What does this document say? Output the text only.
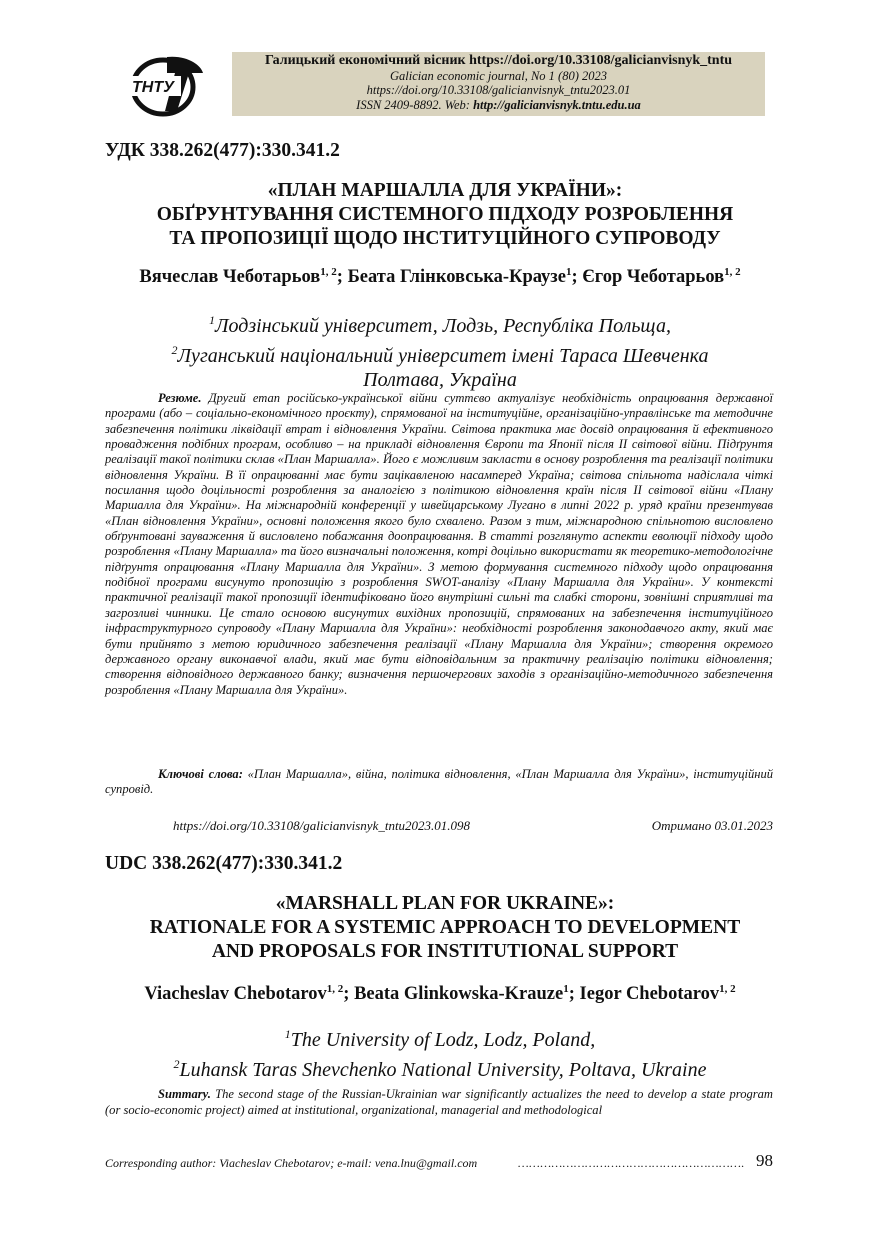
ТНТУ
Галицький економічний вісник https://doi.org/10.33108/galicianvisnyk_tntu
Galician economic journal, No 1 (80) 2023
https://doi.org/10.33108/galicianvisnyk_tntu2023.01
ISSN 2409-8892. Web: http://galicianvisnyk.tntu.edu.ua
УДК 338.262(477):330.341.2
«ПЛАН МАРШАЛЛА ДЛЯ УКРАЇНИ»:
ОБҐРУНТУВАННЯ СИСТЕМНОГО ПІДХОДУ РОЗРОБЛЕННЯ
ТА ПРОПОЗИЦІЇ ЩОДО ІНСТИТУЦІЙНОГО СУПРОВОДУ
Вячеслав Чеботарьов$^{1, 2}$; Беата Глінковська-Краузе$^1$; Єгор Чеботарьов$^{1, 2}$
$^1$Лодзінський університет, Лодзь, Республіка Польща,
$^2$Луганський національний університет імені Тараса Шевченка
Полтава, Україна
Резюме. Другий етап російсько-української війни суттєво актуалізує необхідність опрацювання державної програми (або – соціально-економічного проєкту), спрямованої на інституційне, організаційно-управлінське та методичне забезпечення політики ліквідації втрат і відновлення України. Світова практика має досвід опрацювання й ефективного провадження подібних програм, особливо – на прикладі відновлення Європи та Японії після ІІ світової війни. Підґрунтя реалізації такої політики склав «План Маршалла». Його є можливим закласти в основу розроблення та реалізації політики відновлення України. В її опрацюванні має бути зацікавленою насамперед Україна; світова спільнота надіслала чіткі посилання щодо доцільності розроблення за аналогією з політикою відновлення країн після ІІ світової війни «Плану Маршалла для України». На міжнародній конференції у швейцарському Лугано в липні 2022 р. уряд країни презентував «План відновлення України», основні положення якого було схвалено. Разом з тим, міжнародною спільнотою висловлено обґрунтовані зауваження й висловлено побажання доопрацювання. В статті розглянуто аспекти еволюції підходу щодо розроблення «Плану Маршалла» та його визначальні положення, котрі доцільно використати як теоретико-методологічне підґрунтя опрацювання «Плану Маршалла для України». З метою формування системного підходу щодо опрацювання подібної програми висунуто пропозицію з розроблення SWOT-аналізу «Плану Маршалла для України». У контексті практичної реалізації такої пропозиції ідентифіковано його внутрішні сильні та слабкі сторони, зовнішні сприятливі та загрозливі чинники. Це стало основою висунутих вихідних пропозицій, спрямованих на забезпечення інституційного інфраструктурного супроводу «Плану Маршалла для України»: необхідності розроблення законодавчого акту, який має бути прийнято з метою юридичного забезпечення реалізації «Плану Маршалла для України»; створення окремого державного органу виконавчої влади, який має бути відповідальним за практичну реалізацію політики відновлення; створення відповідного державного банку; визначення першочергових заходів з організаційно-методичного забезпечення розроблення «Плану Маршалла для України».
Ключові слова: «План Маршалла», війна, політика відновлення, «План Маршалла для України», інституційний супровід.
https://doi.org/10.33108/galicianvisnyk_tntu2023.01.098	Отримано 03.01.2023
UDC 338.262(477):330.341.2
«MARSHALL PLAN FOR UKRAINE»:
RATIONALE FOR A SYSTEMIC APPROACH TO DEVELOPMENT
AND PROPOSALS FOR INSTITUTIONAL SUPPORT
Viacheslav Chebotarov$^{1, 2}$; Beata Glinkowska-Krauze$^1$; Iegor Chebotarov$^{1, 2}$
$^1$The University of Lodz, Lodz, Poland,
$^2$Luhansk Taras Shevchenko National University, Poltava, Ukraine
Summary. The second stage of the Russian-Ukrainian war significantly actualizes the need to develop a state program (or socio-economic project) aimed at institutional, organizational, managerial and methodological
Corresponding author: Viacheslav Chebotarov; e-mail: vena.lnu@gmail.com	……………………………………………………. 98
